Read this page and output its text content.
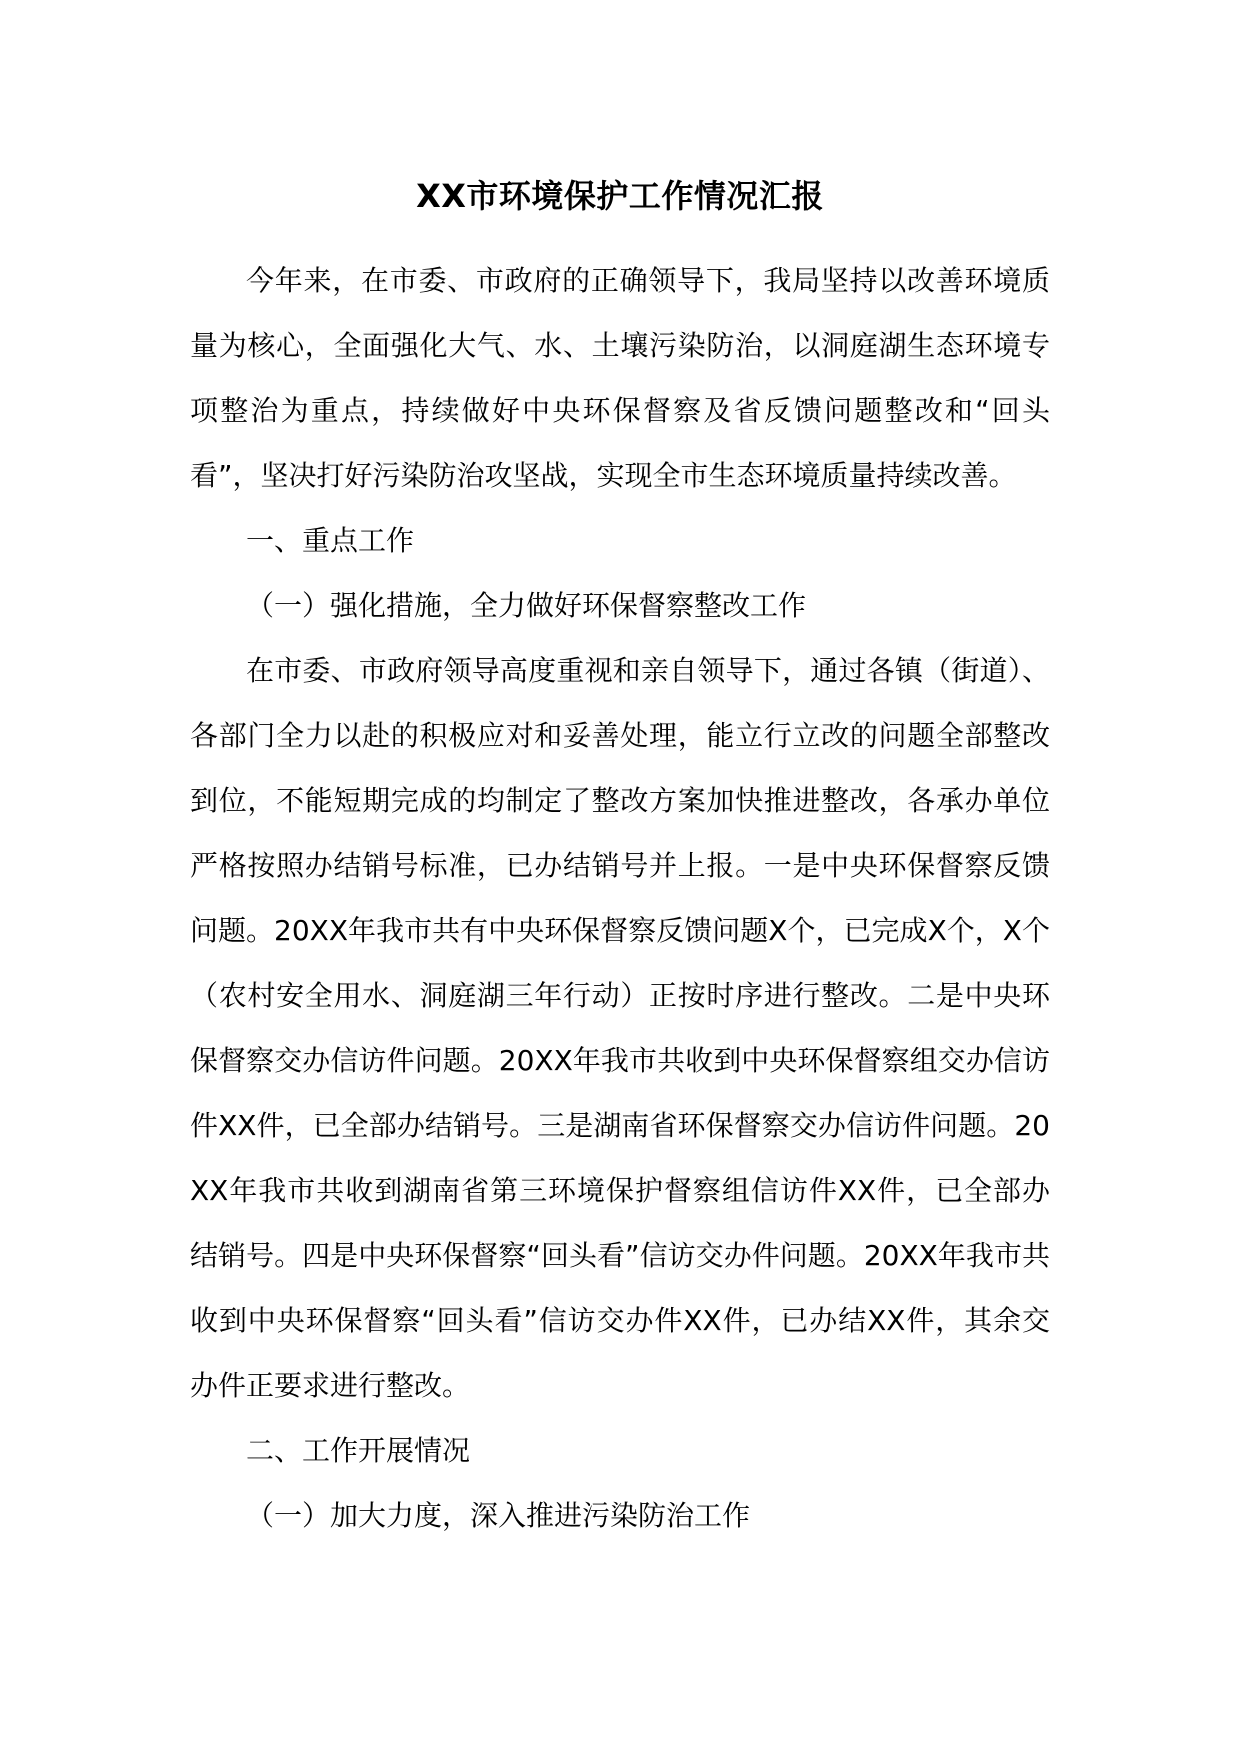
XX市环境保护工作情况汇报

今年来，在市委、市政府的正确领导下，我局坚持以改善环境质量为核心，全面强化大气、水、土壤污染防治，以洞庭湖生态环境专项整治为重点，持续做好中央环保督察及省反馈问题整改和“回头看”，坚决打好污染防治攻坚战，实现全市生态环境质量持续改善。

一、重点工作

（一）强化措施，全力做好环保督察整改工作

在市委、市政府领导高度重视和亲自领导下，通过各镇（街道）、各部门全力以赴的积极应对和妥善处理，能立行立改的问题全部整改到位，不能短期完成的均制定了整改方案加快推进整改，各承办单位严格按照办结销号标准，已办结销号并上报。一是中央环保督察反馈问题。20XX年我市共有中央环保督察反馈问题X个，已完成X个，X个（农村安全用水、洞庭湖三年行动）正按时序进行整改。二是中央环保督察交办信访件问题。20XX年我市共收到中央环保督察组交办信访件XX件，已全部办结销号。三是湖南省环保督察交办信访件问题。20XX年我市共收到湖南省第三环境保护督察组信访件XX件，已全部办结销号。四是中央环保督察“回头看”信访交办件问题。20XX年我市共收到中央环保督察“回头看”信访交办件XX件，已办结XX件，其余交办件正要求进行整改。

二、工作开展情况

（一）加大力度，深入推进污染防治工作
